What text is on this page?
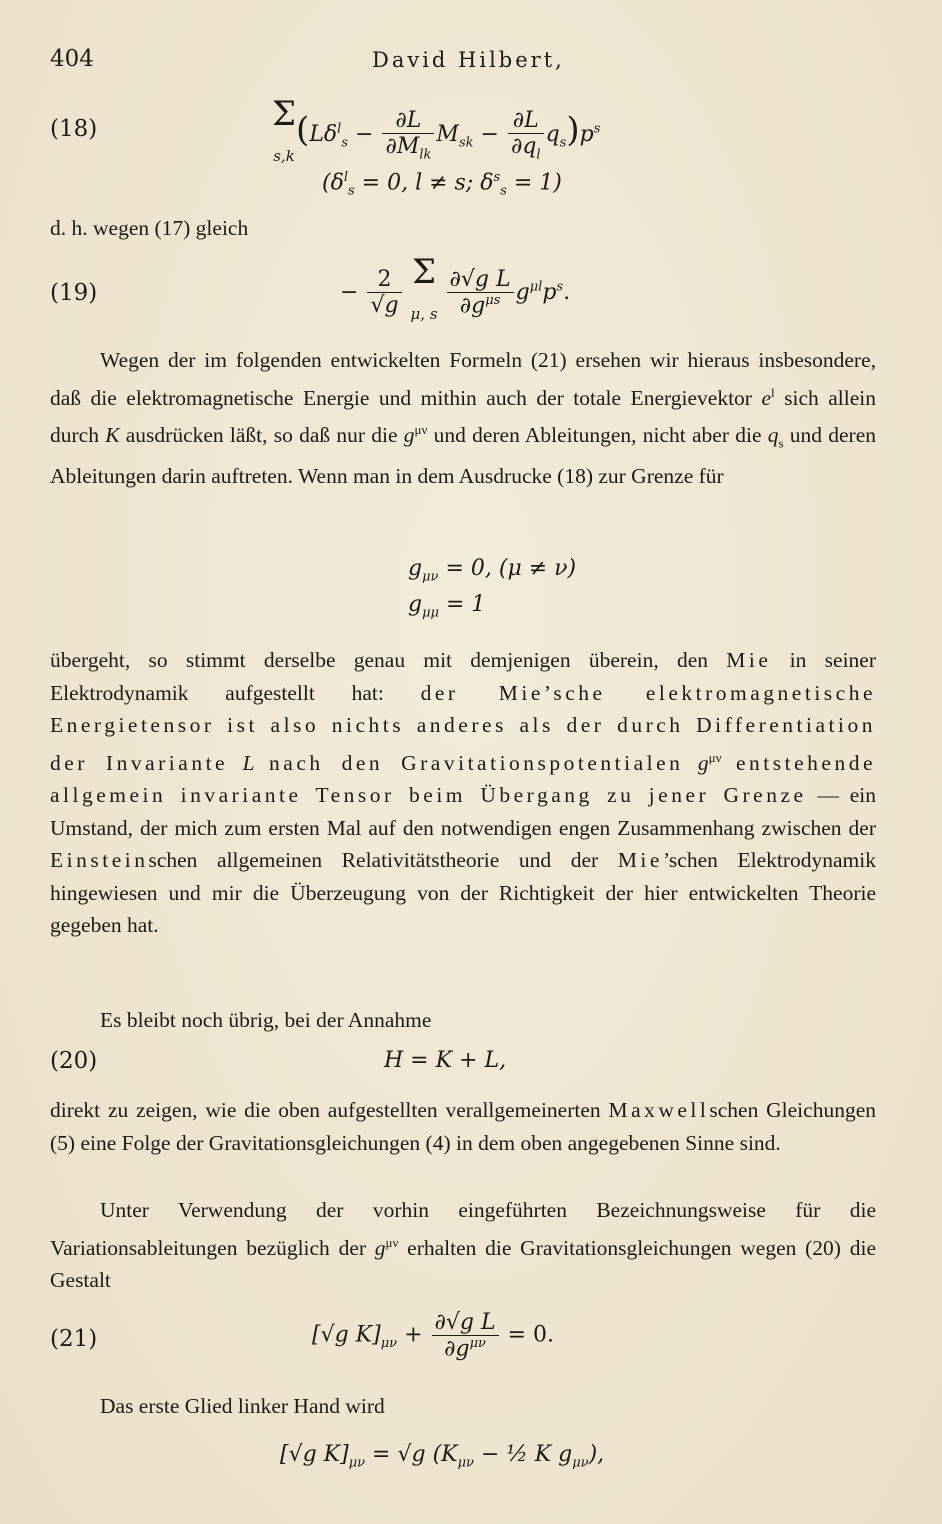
404	David Hilbert,
(18)	Σ
$_{s,k}(L\delta^l_s - \frac{\partial L}{\partial M_{lk}} M_{sk} - \frac{\partial L}{\partial q_l} q_s)p^s$
($\delta^l_s = 0$, l ≠ s; $\delta^s_s = 1$)
d. h. wegen (17) gleich
(19)	− $\frac{2}{√g}$ Σ
$_{\mu, s} \frac{\text{∂√g L}}{\partial g^{\mu s}} g^{\mu l}p^s$.

Wegen der im folgenden entwickelten Formeln (21) ersehen wir hieraus insbesondere, daß die elektromagnetische Energie und mithin auch der totale Energievektor $e^l$ sich allein durch K ausdrücken läßt, so daß nur die $g^{\mu\nu}$ und deren Ableitungen, nicht aber die $q_s$ und deren Ableitungen darin auftreten. Wenn man in dem Ausdrucke (18) zur Grenze für

$g_{\mu\nu} = 0$, (μ ≠ ν)
$g_{\mu\mu} = 1$

übergeht, so stimmt derselbe genau mit demjenigen überein, den Mie in seiner Elektrodynamik aufgestellt hat: der Mie’sche elektromagnetische Energietensor ist also nichts anderes als der durch Differentiation der Invariante L nach den Gravitationspotentialen $g^{\mu\nu}$ entstehende allgemein invariante Tensor beim Übergang zu jener Grenze — ein Umstand, der mich zum ersten Mal auf den notwendigen engen Zusammenhang zwischen der Einsteinschen allgemeinen Relativitätstheorie und der Mie’schen Elektrodynamik hingewiesen und mir die Überzeugung von der Richtigkeit der hier entwickelten Theorie gegeben hat.

Es bleibt noch übrig, bei der Annahme

(20)	H = K + L,

direkt zu zeigen, wie die oben aufgestellten verallgemeinerten Maxwellschen Gleichungen (5) eine Folge der Gravitationsgleichungen (4) in dem oben angegebenen Sinne sind.

Unter Verwendung der vorhin eingeführten Bezeichnungsweise für die Variationsableitungen bezüglich der $g^{\mu\nu}$ erhalten die Gravitationsgleichungen wegen (20) die Gestalt

(21)	[√g $K]_{\mu\nu} + \frac{\text{∂√g L}}{\partial g^{\mu\nu}} = 0$.

Das erste Glied linker Hand wird

[√g $K]_{\mu\nu} = √g$ ($K_{\mu\nu}$ − ½ K $g_{\mu\nu}$),
